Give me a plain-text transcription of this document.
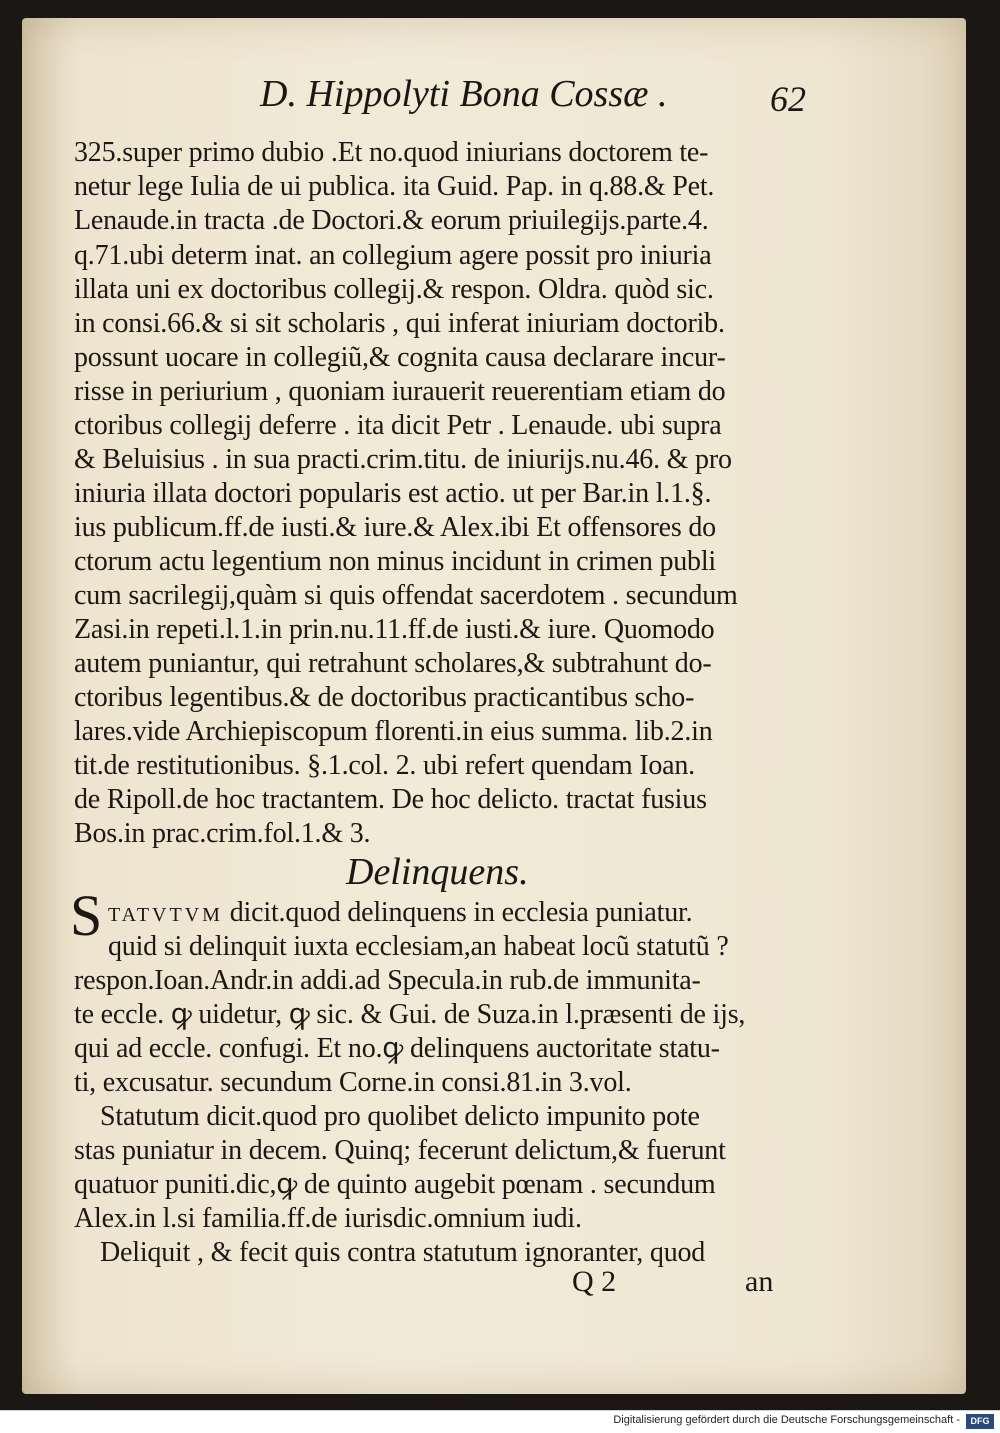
D. Hippolyti Bona Cossæ .	62
325.super primo dubio .Et no.quod iniurians doctorem te-
netur lege Iulia de ui publica. ita Guid. Pap. in q.88.& Pet.
Lenaude.in tracta .de Doctori.& eorum priuilegijs.parte.4.
q.71.ubi determ inat. an collegium agere possit pro iniuria
illata uni ex doctoribus collegij.& respon. Oldra. quòd sic.
in consi.66.& si sit scholaris , qui inferat iniuriam doctorib.
possunt uocare in collegiũ,& cognita causa declarare incur-
risse in periurium , quoniam iurauerit reuerentiam etiam do
ctoribus collegij deferre . ita dicit Petr . Lenaude. ubi supra
& Beluisius . in sua practi.crim.titu. de iniurijs.nu.46. & pro
iniuria illata doctori popularis est actio. ut per Bar.in l.1.§.
ius publicum.ff.de iusti.& iure.& Alex.ibi Et offensores do
ctorum actu legentium non minus incidunt in crimen publi
cum sacrilegij,quàm si quis offendat sacerdotem . secundum
Zasi.in repeti.l.1.in prin.nu.11.ff.de iusti.& iure. Quomodo
autem puniantur, qui retrahunt scholares,& subtrahunt do-
ctoribus legentibus.& de doctoribus practicantibus scho-
lares.vide Archiepiscopum florenti.in eius summa. lib.2.in
tit.de restitutionibus. §.1.col. 2. ubi refert quendam Ioan.
de Ripoll.de hoc tractantem. De hoc delicto. tractat fusius
Bos.in prac.crim.fol.1.& 3.
Delinquens.
S TATVTVM dicit.quod delinquens in ecclesia puniatur.
quid si delinquit iuxta ecclesiam,an habeat locũ statutũ ?
respon.Ioan.Andr.in addi.ad Specula.in rub.de immunita-
te eccle. ꝙ uidetur, ꝙ sic. & Gui. de Suza.in l.præsenti de ijs,
qui ad eccle. confugi. Et no.ꝙ delinquens auctoritate statu-
ti, excusatur. secundum Corne.in consi.81.in 3.vol.
Statutum dicit.quod pro quolibet delicto impunito pote
stas puniatur in decem. Quinq; fecerunt delictum,& fuerunt
quatuor puniti.dic,ꝙ de quinto augebit pœnam . secundum
Alex.in l.si familia.ff.de iurisdic.omnium iudi.
Deliquit , & fecit quis contra statutum ignoranter, quod
Q 2	an
Digitalisierung gefördert durch die Deutsche Forschungsgemeinschaft -	DFG
